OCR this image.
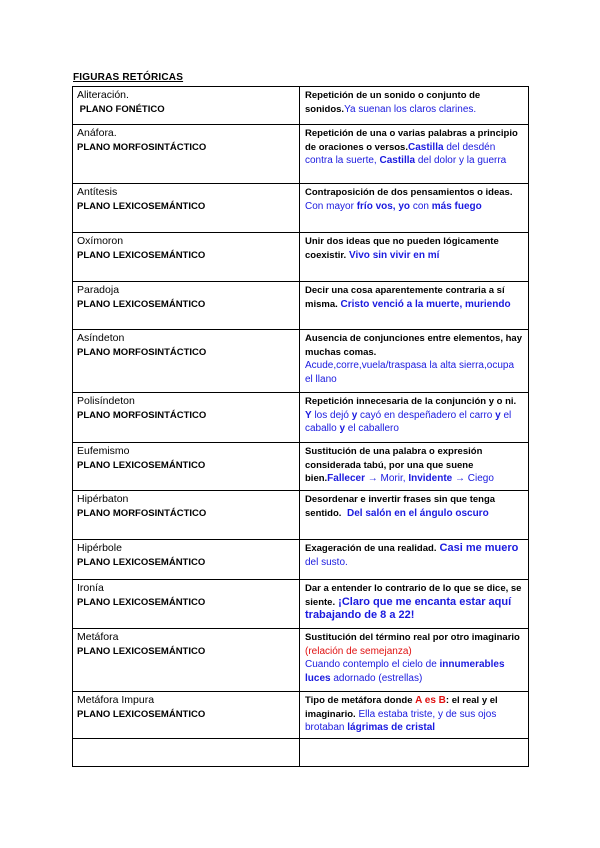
FIGURAS RETÓRICAS
Aliteración.
PLANO FONÉTICO	Repetición de un sonido o conjunto de sonidos.Ya suenan los claros clarines.

Anáfora.
PLANO MORFOSINTÁCTICO	Repetición de una o varias palabras a principio de oraciones o versos.Castilla del desdén contra la suerte, Castilla del dolor y la guerra

Antítesis
PLANO LEXICOSEMÁNTICO	Contraposición de dos pensamientos o ideas. Con mayor frío vos, yo con más fuego

Oxímoron
PLANO LEXICOSEMÁNTICO	Unir dos ideas que no pueden lógicamente coexistir. Vivo sin vivir en mí

Paradoja
PLANO LEXICOSEMÁNTICO	Decir una cosa aparentemente contraria a sí misma. Cristo venció a la muerte, muriendo

Asíndeton
PLANO MORFOSINTÁCTICO	Ausencia de conjunciones entre elementos, hay muchas comas.
Acude,corre,vuela/traspasa la alta sierra,ocupa el llano

Polisíndeton
PLANO MORFOSINTÁCTICO	Repetición innecesaria de la conjunción y o ni. Y los dejó y cayó en despeñadero el carro y el caballo y el caballero

Eufemismo
PLANO LEXICOSEMÁNTICO	Sustitución de una palabra o expresión considerada tabú, por una que suene bien.Fallecer → Morir, Invidente → Ciego

Hipérbaton
PLANO MORFOSINTÁCTICO	Desordenar e invertir frases sin que tenga sentido.  Del salón en el ángulo oscuro

Hipérbole
PLANO LEXICOSEMÁNTICO	Exageración de una realidad. Casi me muero del susto.

Ironía
PLANO LEXICOSEMÁNTICO	Dar a entender lo contrario de lo que se dice, se siente. ¡Claro que me encanta estar aquí trabajando de 8 a 22!

Metáfora
PLANO LEXICOSEMÁNTICO	Sustitución del término real por otro imaginario (relación de semejanza)
Cuando contemplo el cielo de innumerables luces adornado (estrellas)

Metáfora Impura
PLANO LEXICOSEMÁNTICO	Tipo de metáfora donde A es B: el real y el imaginario. Ella estaba triste, y de sus ojos brotaban lágrimas de cristal
